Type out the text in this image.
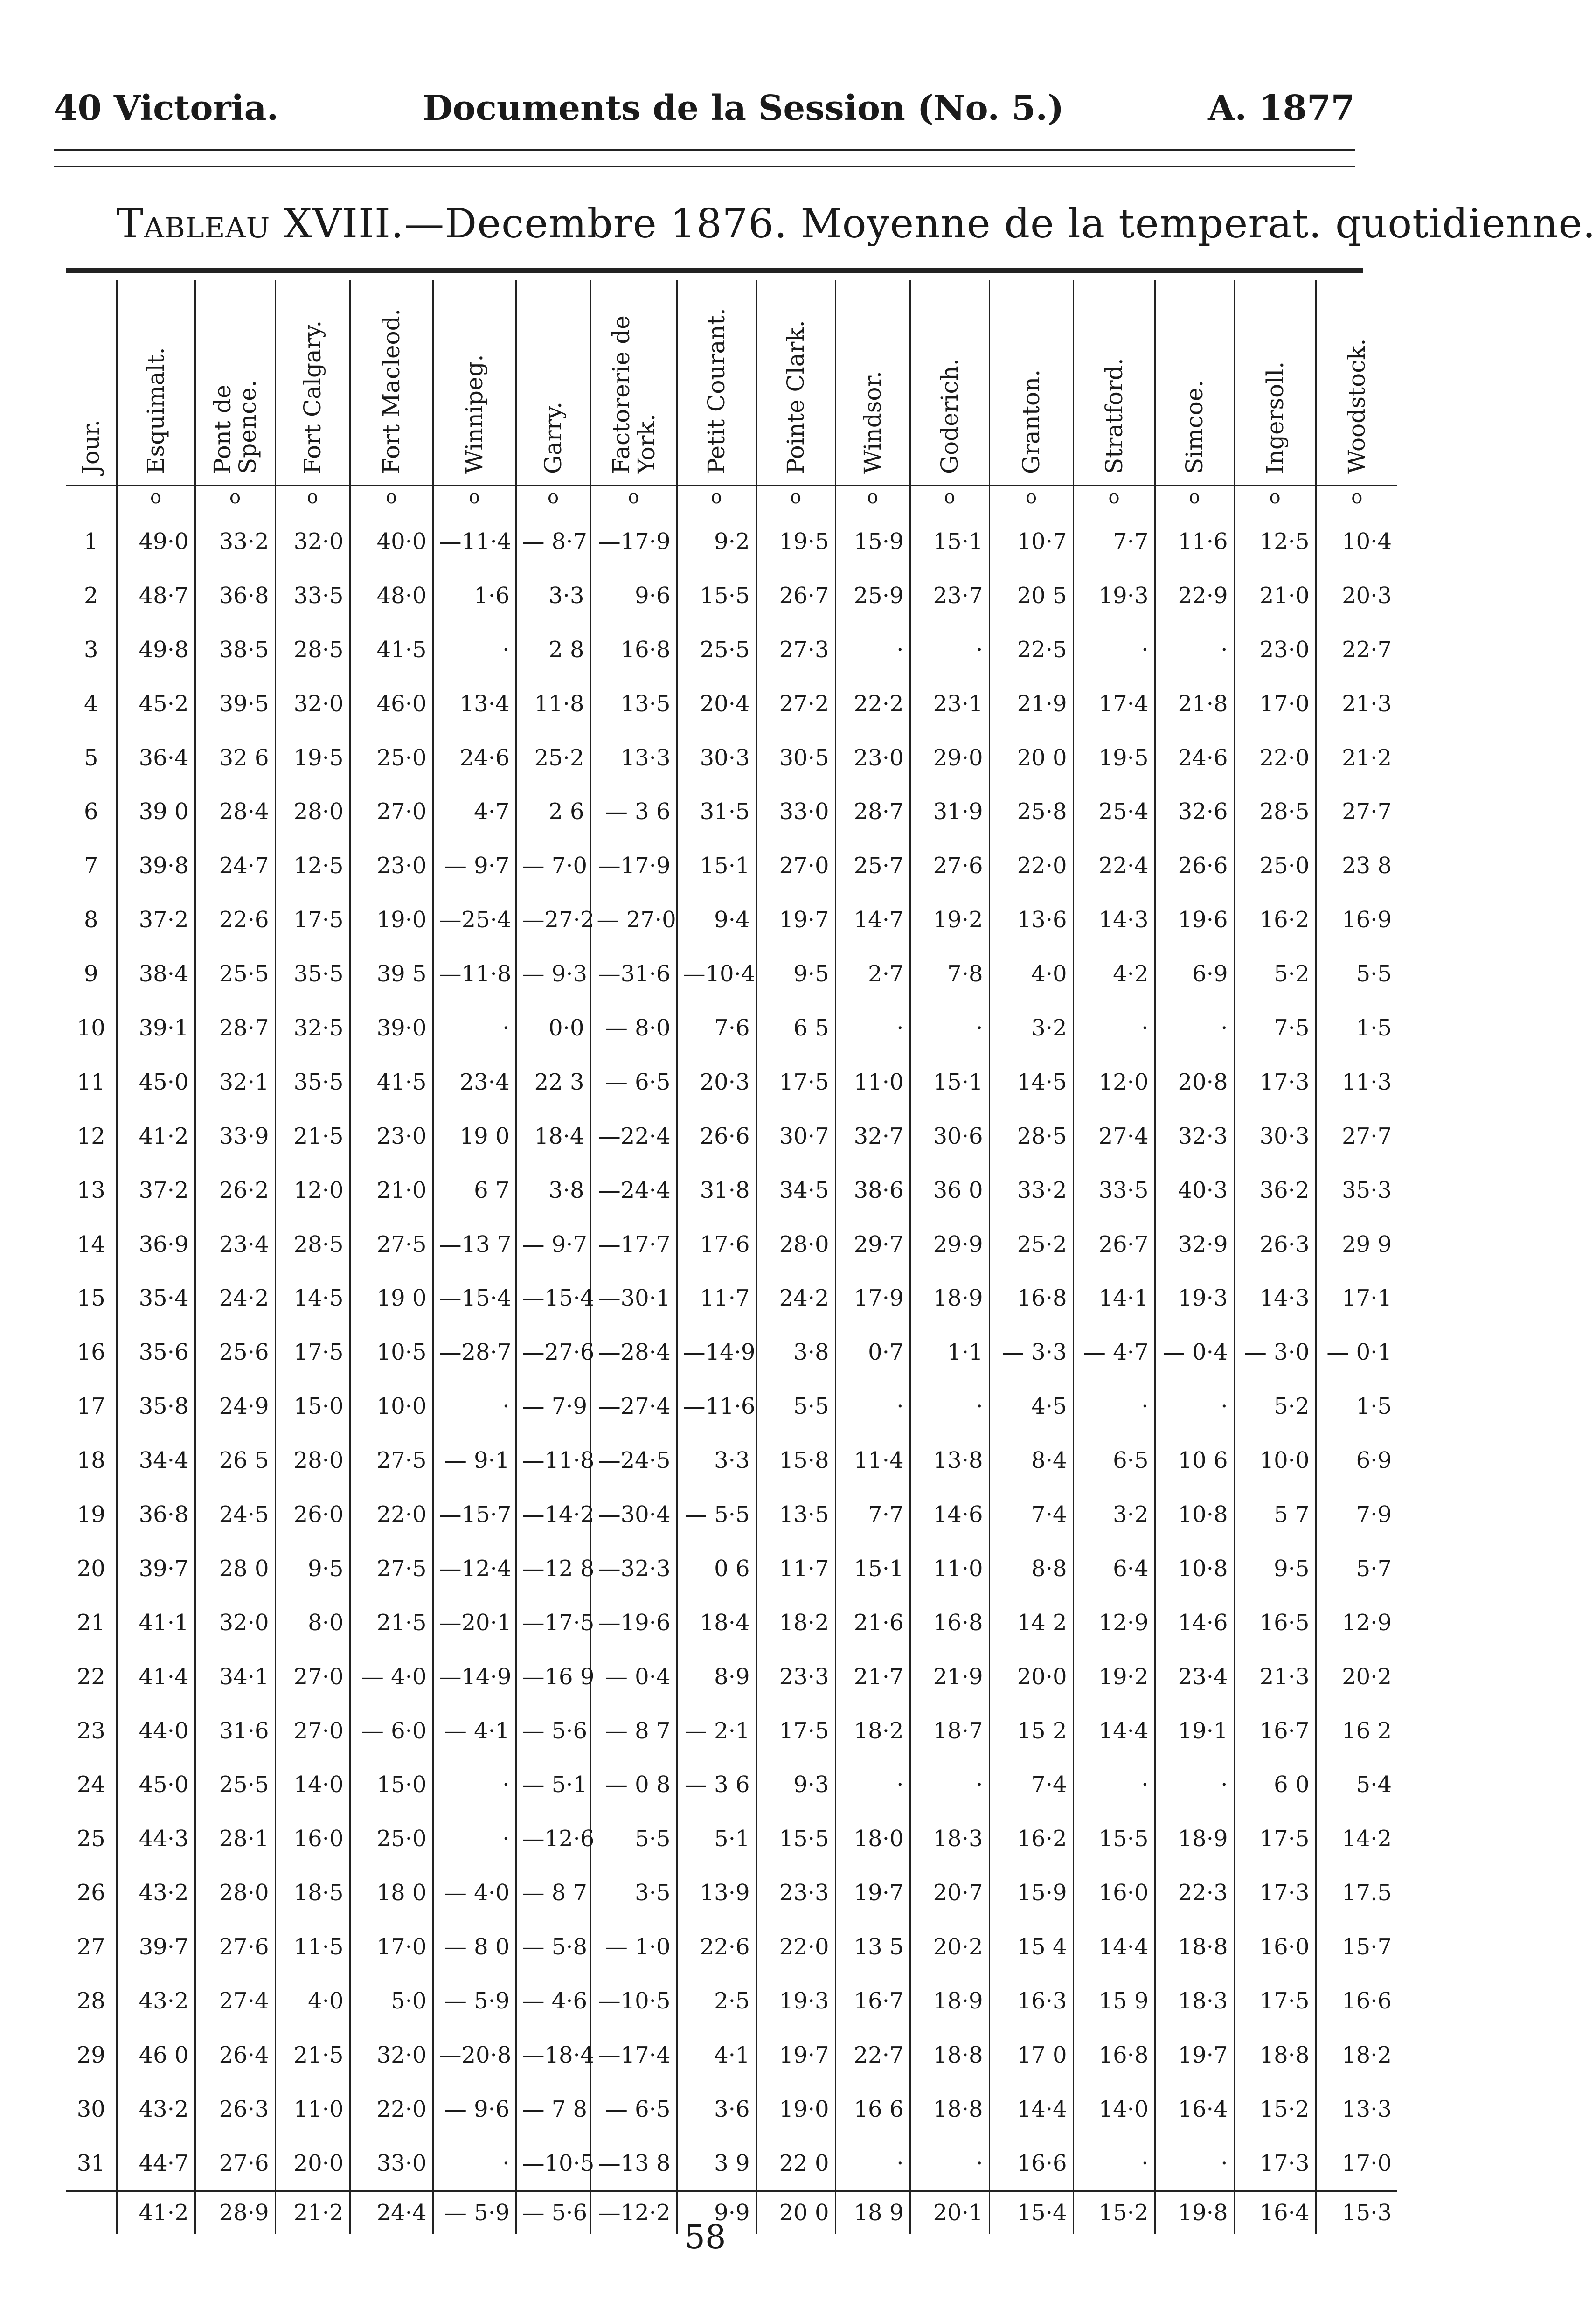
40 Victoria.	Documents de la Session (No. 5.)	A. 1877
Tableau XVIII.—Decembre 1876. Moyenne de la temperat. quotidienne.
Jour.	Esquimalt.	Pont de
Spence.	Fort Calgary.	Fort Macleod.	Winnipeg.	Garry.	Factorerie de
York.	Petit Courant.	Pointe Clark.	Windsor.	Goderich.	Granton.	Stratford.	Simcoe.	Ingersoll.	Woodstock.

	o	o	o	o	o	o	o	o	o	o	o	o	o	o	o	o
1	49·0	33·2	32·0	40·0	—11·4	— 8·7	—17·9	9·2	19·5	15·9	15·1	10·7	7·7	11·6	12·5	10·4
2	48·7	36·8	33·5	48·0	1·6	3·3	9·6	15·5	26·7	25·9	23·7	20 5	19·3	22·9	21·0	20·3
3	49·8	38·5	28·5	41·5	·	2 8	16·8	25·5	27·3	·	·	22·5	·	·	23·0	22·7
4	45·2	39·5	32·0	46·0	13·4	11·8	13·5	20·4	27·2	22·2	23·1	21·9	17·4	21·8	17·0	21·3
5	36·4	32 6	19·5	25·0	24·6	25·2	13·3	30·3	30·5	23·0	29·0	20 0	19·5	24·6	22·0	21·2
6	39 0	28·4	28·0	27·0	4·7	2 6	— 3 6	31·5	33·0	28·7	31·9	25·8	25·4	32·6	28·5	27·7
7	39·8	24·7	12·5	23·0	— 9·7	— 7·0	—17·9	15·1	27·0	25·7	27·6	22·0	22·4	26·6	25·0	23 8
8	37·2	22·6	17·5	19·0	—25·4	—27·2	— 27·0	9·4	19·7	14·7	19·2	13·6	14·3	19·6	16·2	16·9
9	38·4	25·5	35·5	39 5	—11·8	— 9·3	—31·6	—10·4	9·5	2·7	7·8	4·0	4·2	6·9	5·2	5·5
10	39·1	28·7	32·5	39·0	·	0·0	— 8·0	7·6	6 5	·	·	3·2	·	·	7·5	1·5
11	45·0	32·1	35·5	41·5	23·4	22 3	— 6·5	20·3	17·5	11·0	15·1	14·5	12·0	20·8	17·3	11·3
12	41·2	33·9	21·5	23·0	19 0	18·4	—22·4	26·6	30·7	32·7	30·6	28·5	27·4	32·3	30·3	27·7
13	37·2	26·2	12·0	21·0	6 7	3·8	—24·4	31·8	34·5	38·6	36 0	33·2	33·5	40·3	36·2	35·3
14	36·9	23·4	28·5	27·5	—13 7	— 9·7	—17·7	17·6	28·0	29·7	29·9	25·2	26·7	32·9	26·3	29 9
15	35·4	24·2	14·5	19 0	—15·4	—15·4	—30·1	11·7	24·2	17·9	18·9	16·8	14·1	19·3	14·3	17·1
16	35·6	25·6	17·5	10·5	—28·7	—27·6	—28·4	—14·9	3·8	0·7	1·1	— 3·3	— 4·7	— 0·4	— 3·0	— 0·1
17	35·8	24·9	15·0	10·0	·	— 7·9	—27·4	—11·6	5·5	·	·	4·5	·	·	5·2	1·5
18	34·4	26 5	28·0	27·5	— 9·1	—11·8	—24·5	3·3	15·8	11·4	13·8	8·4	6·5	10 6	10·0	6·9
19	36·8	24·5	26·0	22·0	—15·7	—14·2	—30·4	— 5·5	13·5	7·7	14·6	7·4	3·2	10·8	5 7	7·9
20	39·7	28 0	9·5	27·5	—12·4	—12 8	—32·3	0 6	11·7	15·1	11·0	8·8	6·4	10·8	9·5	5·7
21	41·1	32·0	8·0	21·5	—20·1	—17·5	—19·6	18·4	18·2	21·6	16·8	14 2	12·9	14·6	16·5	12·9
22	41·4	34·1	27·0	— 4·0	—14·9	—16 9	— 0·4	8·9	23·3	21·7	21·9	20·0	19·2	23·4	21·3	20·2
23	44·0	31·6	27·0	— 6·0	— 4·1	— 5·6	— 8 7	— 2·1	17·5	18·2	18·7	15 2	14·4	19·1	16·7	16 2
24	45·0	25·5	14·0	15·0	·	— 5·1	— 0 8	— 3 6	9·3	·	·	7·4	·	·	6 0	5·4
25	44·3	28·1	16·0	25·0	·	—12·6	5·5	5·1	15·5	18·0	18·3	16·2	15·5	18·9	17·5	14·2
26	43·2	28·0	18·5	18 0	— 4·0	— 8 7	3·5	13·9	23·3	19·7	20·7	15·9	16·0	22·3	17·3	17.5
27	39·7	27·6	11·5	17·0	— 8 0	— 5·8	— 1·0	22·6	22·0	13 5	20·2	15 4	14·4	18·8	16·0	15·7
28	43·2	27·4	4·0	5·0	— 5·9	— 4·6	—10·5	2·5	19·3	16·7	18·9	16·3	15 9	18·3	17·5	16·6
29	46 0	26·4	21·5	32·0	—20·8	—18·4	—17·4	4·1	19·7	22·7	18·8	17 0	16·8	19·7	18·8	18·2
30	43·2	26·3	11·0	22·0	— 9·6	— 7 8	— 6·5	3·6	19·0	16 6	18·8	14·4	14·0	16·4	15·2	13·3
31	44·7	27·6	20·0	33·0	·	—10·5	—13 8	3 9	22 0	·	·	16·6	·	·	17·3	17·0
	41·2	28·9	21·2	24·4	— 5·9	— 5·6	—12·2	9·9	20 0	18 9	20·1	15·4	15·2	19·8	16·4	15·3
58
